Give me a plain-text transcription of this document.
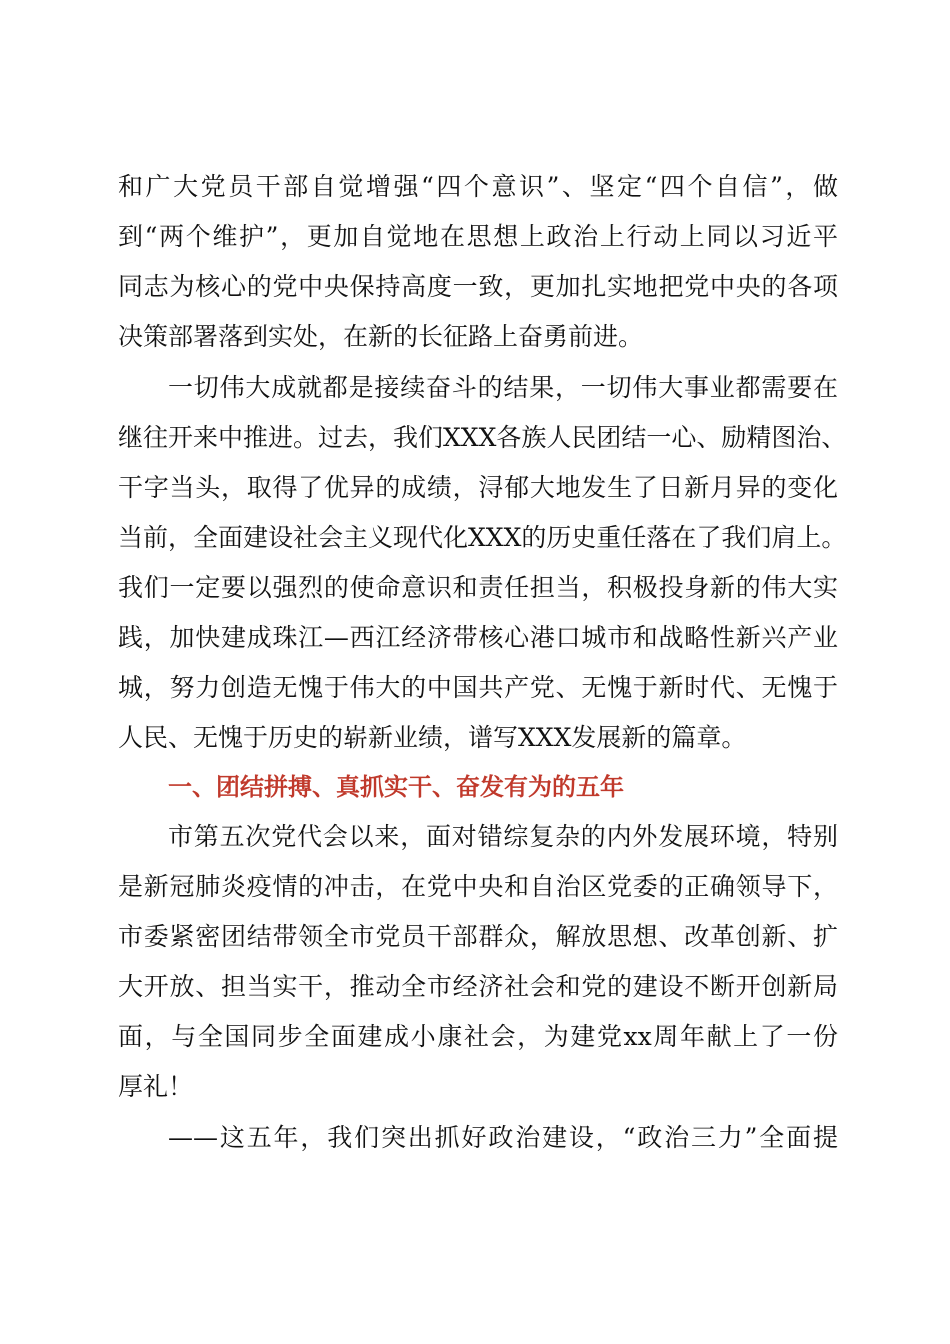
和广大党员干部自觉增强“四个意识”、坚定“四个自信”，做
到“两个维护”，更加自觉地在思想上政治上行动上同以习近平
同志为核心的党中央保持高度一致，更加扎实地把党中央的各项
决策部署落到实处，在新的长征路上奋勇前进。
一切伟大成就都是接续奋斗的结果，一切伟大事业都需要在
继往开来中推进。过去，我们XXX各族人民团结一心、励精图治、
干字当头，取得了优异的成绩，浔郁大地发生了日新月异的变化
当前，全面建设社会主义现代化XXX的历史重任落在了我们肩上。
我们一定要以强烈的使命意识和责任担当，积极投身新的伟大实
践，加快建成珠江—西江经济带核心港口城市和战略性新兴产业
城，努力创造无愧于伟大的中国共产党、无愧于新时代、无愧于
人民、无愧于历史的崭新业绩，谱写XXX发展新的篇章。
一、团结拼搏、真抓实干、奋发有为的五年
市第五次党代会以来，面对错综复杂的内外发展环境，特别
是新冠肺炎疫情的冲击，在党中央和自治区党委的正确领导下，
市委紧密团结带领全市党员干部群众，解放思想、改革创新、扩
大开放、担当实干，推动全市经济社会和党的建设不断开创新局
面，与全国同步全面建成小康社会，为建党xx周年献上了一份
厚礼！
——这五年，我们突出抓好政治建设，“政治三力”全面提
